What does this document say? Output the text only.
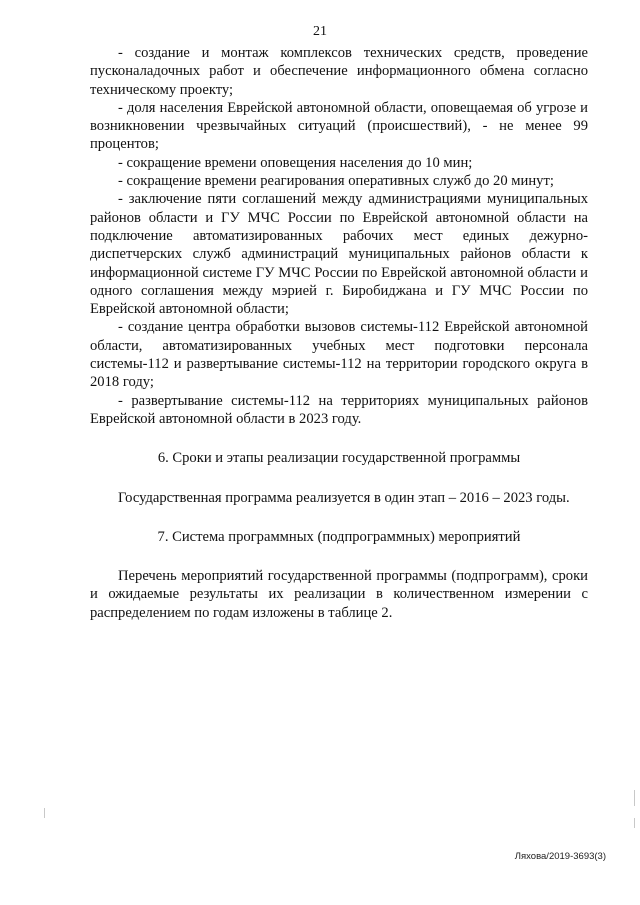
21

- создание и монтаж комплексов технических средств, проведение пусконаладочных работ и обеспечение информационного обмена согласно техническому проекту;

- доля населения Еврейской автономной области, оповещаемая об угрозе и возникновении чрезвычайных ситуаций (происшествий), - не менее 99 процентов;

- сокращение времени оповещения населения до 10 мин;

- сокращение времени реагирования оперативных служб до 20 минут;

- заключение пяти соглашений между администрациями муниципальных районов области и ГУ МЧС России по Еврейской автономной области на подключение автоматизированных рабочих мест единых дежурно-диспетчерских служб администраций муниципальных районов области к информационной системе ГУ МЧС России по Еврейской автономной области и одного соглашения между мэрией г. Биробиджана и ГУ МЧС России по Еврейской автономной области;

- создание центра обработки вызовов системы-112 Еврейской автономной области, автоматизированных учебных мест подготовки персонала системы-112 и развертывание системы-112 на территории городского округа в 2018 году;

- развертывание системы-112 на территориях муниципальных районов Еврейской автономной области в 2023 году.

6. Сроки и этапы реализации государственной программы

Государственная программа реализуется в один этап – 2016 – 2023 годы.

7. Система программных (подпрограммных) мероприятий

Перечень мероприятий государственной программы (подпрограмм), сроки и ожидаемые результаты их реализации в количественном измерении с распределением по годам изложены в таблице 2.

Ляхова/2019-3693(3)
